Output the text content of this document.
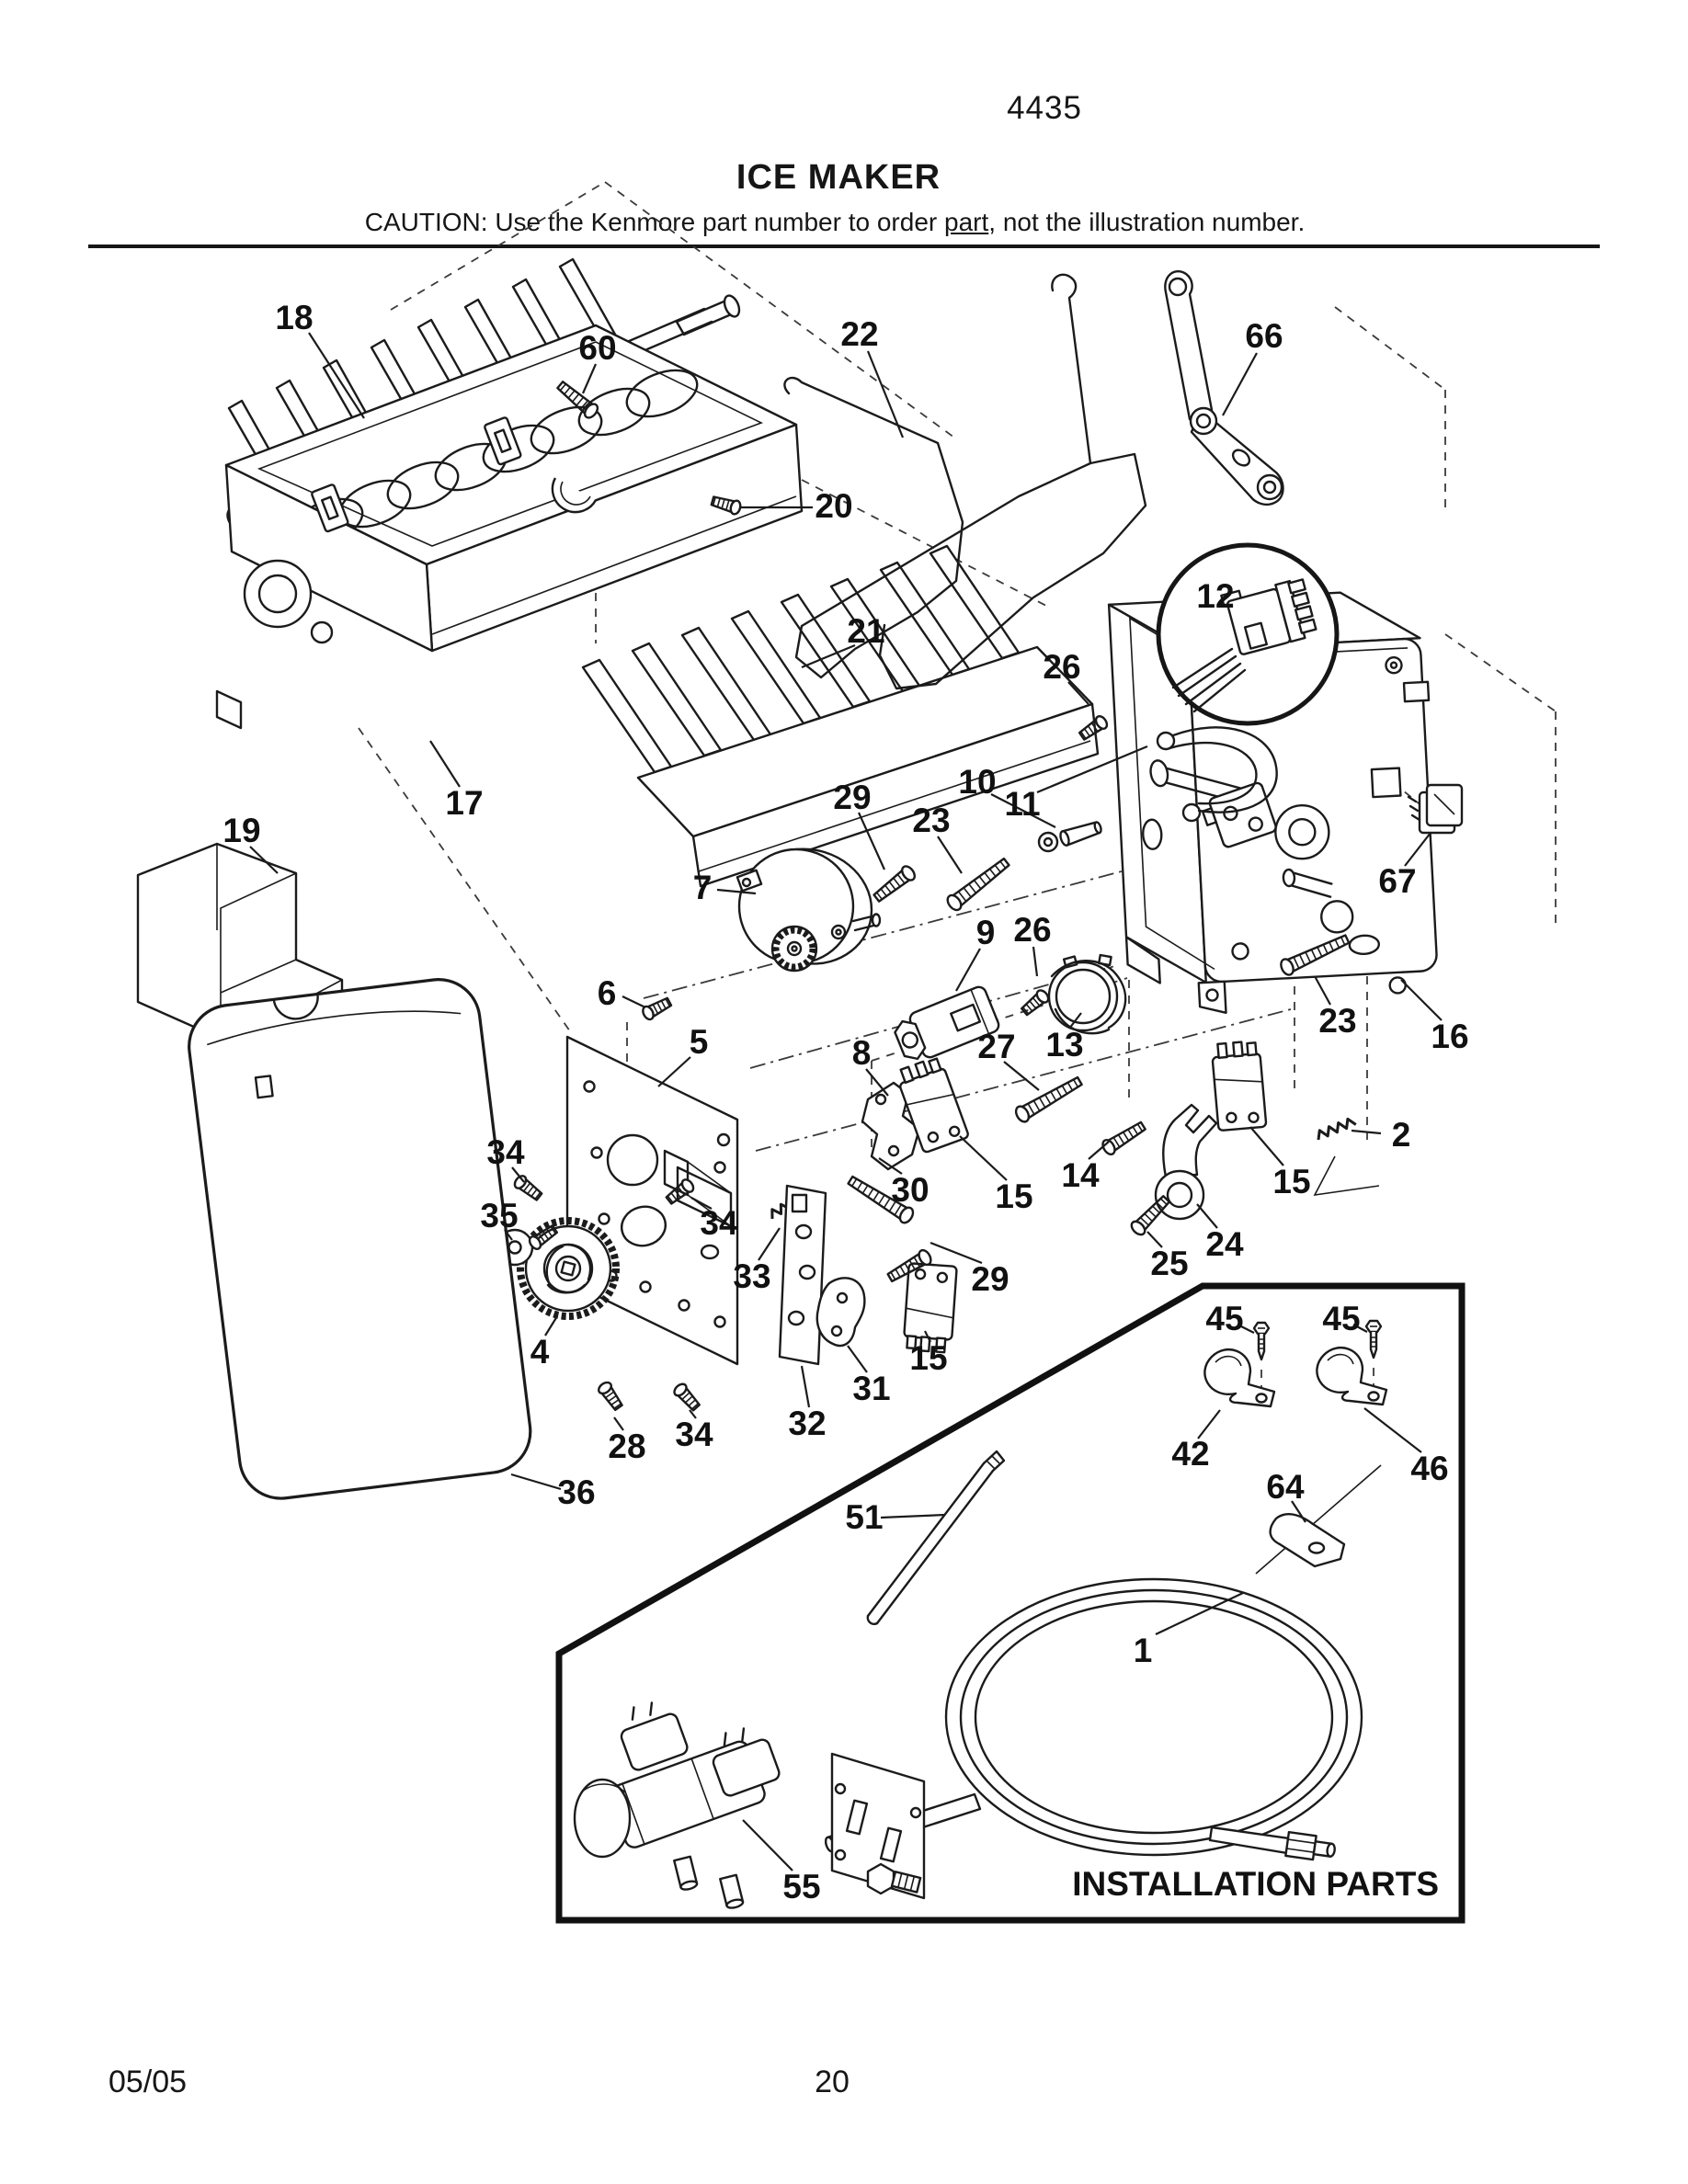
4435
ICE MAKER
CAUTION: Use the Kenmore part number to order part, not the illustration number.
INSTALLATION PARTS
18
60	22	66
20
21
17
12
26
10
11
29
23
7	67
9 26
13
27
8
23 16
2
15
24
25
14
15
30
29
19
6
5
34
35	34
4
33
31
15
32
28 34
36
45 45
42	46
64
51
1
55
05/05	20
